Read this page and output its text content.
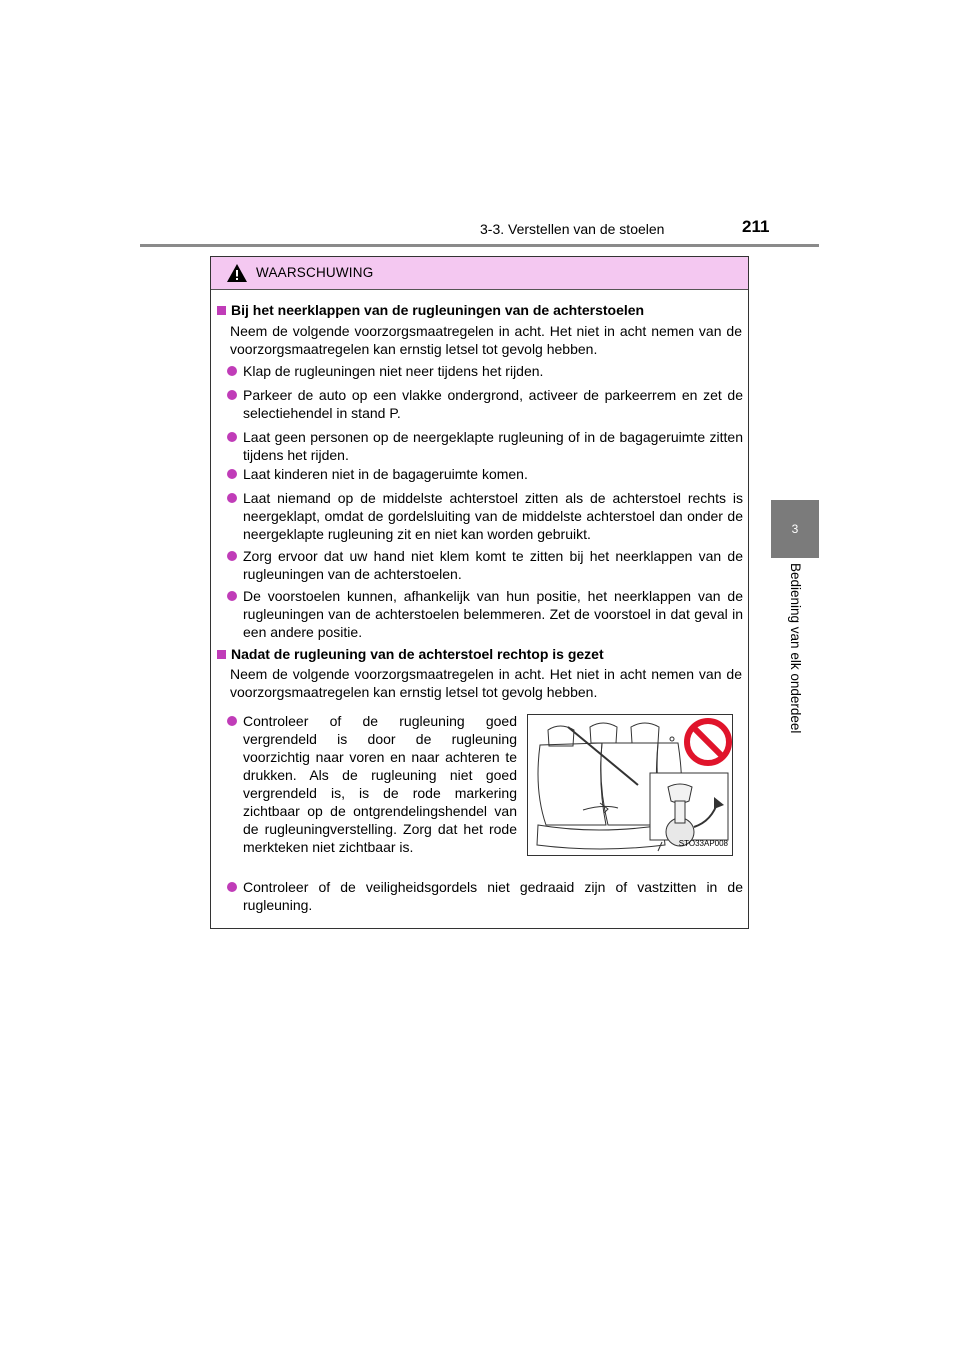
3-3. Verstellen van de stoelen	211
3
Bediening van elk onderdeel
WAARSCHUWING
Bij het neerklappen van de rugleuningen van de achterstoelen
Neem de volgende voorzorgsmaatregelen in acht. Het niet in acht nemen van de voorzorgsmaatregelen kan ernstig letsel tot gevolg hebben.
Klap de rugleuningen niet neer tijdens het rijden.
Parkeer de auto op een vlakke ondergrond, activeer de parkeerrem en zet de selectiehendel in stand P.
Laat geen personen op de neergeklapte rugleuning of in de bagageruimte zitten tijdens het rijden.
Laat kinderen niet in de bagageruimte komen.
Laat niemand op de middelste achterstoel zitten als de achterstoel rechts is neergeklapt, omdat de gordelsluiting van de middelste achterstoel dan onder de neergeklapte rugleuning zit en niet kan worden gebruikt.
Zorg ervoor dat uw hand niet klem komt te zitten bij het neerklappen van de rugleuningen van de achterstoelen.
De voorstoelen kunnen, afhankelijk van hun positie, het neerklappen van de rugleuningen van de achterstoelen belemmeren. Zet de voorstoel in dat geval in een andere positie.
Nadat de rugleuning van de achterstoel rechtop is gezet
Neem de volgende voorzorgsmaatregelen in acht. Het niet in acht nemen van de voorzorgsmaatregelen kan ernstig letsel tot gevolg hebben.
Controleer of de rugleuning goed vergrendeld is door de rugleuning voorzichtig naar voren en naar achteren te drukken. Als de rugleuning niet goed vergrendeld is, is de rode markering zichtbaar op de ontgrendelingshendel van de rugleuningverstelling. Zorg dat het rode merkteken niet zichtbaar is.	STO33AP008
Controleer of de veiligheidsgordels niet gedraaid zijn of vastzitten in de rugleuning.
